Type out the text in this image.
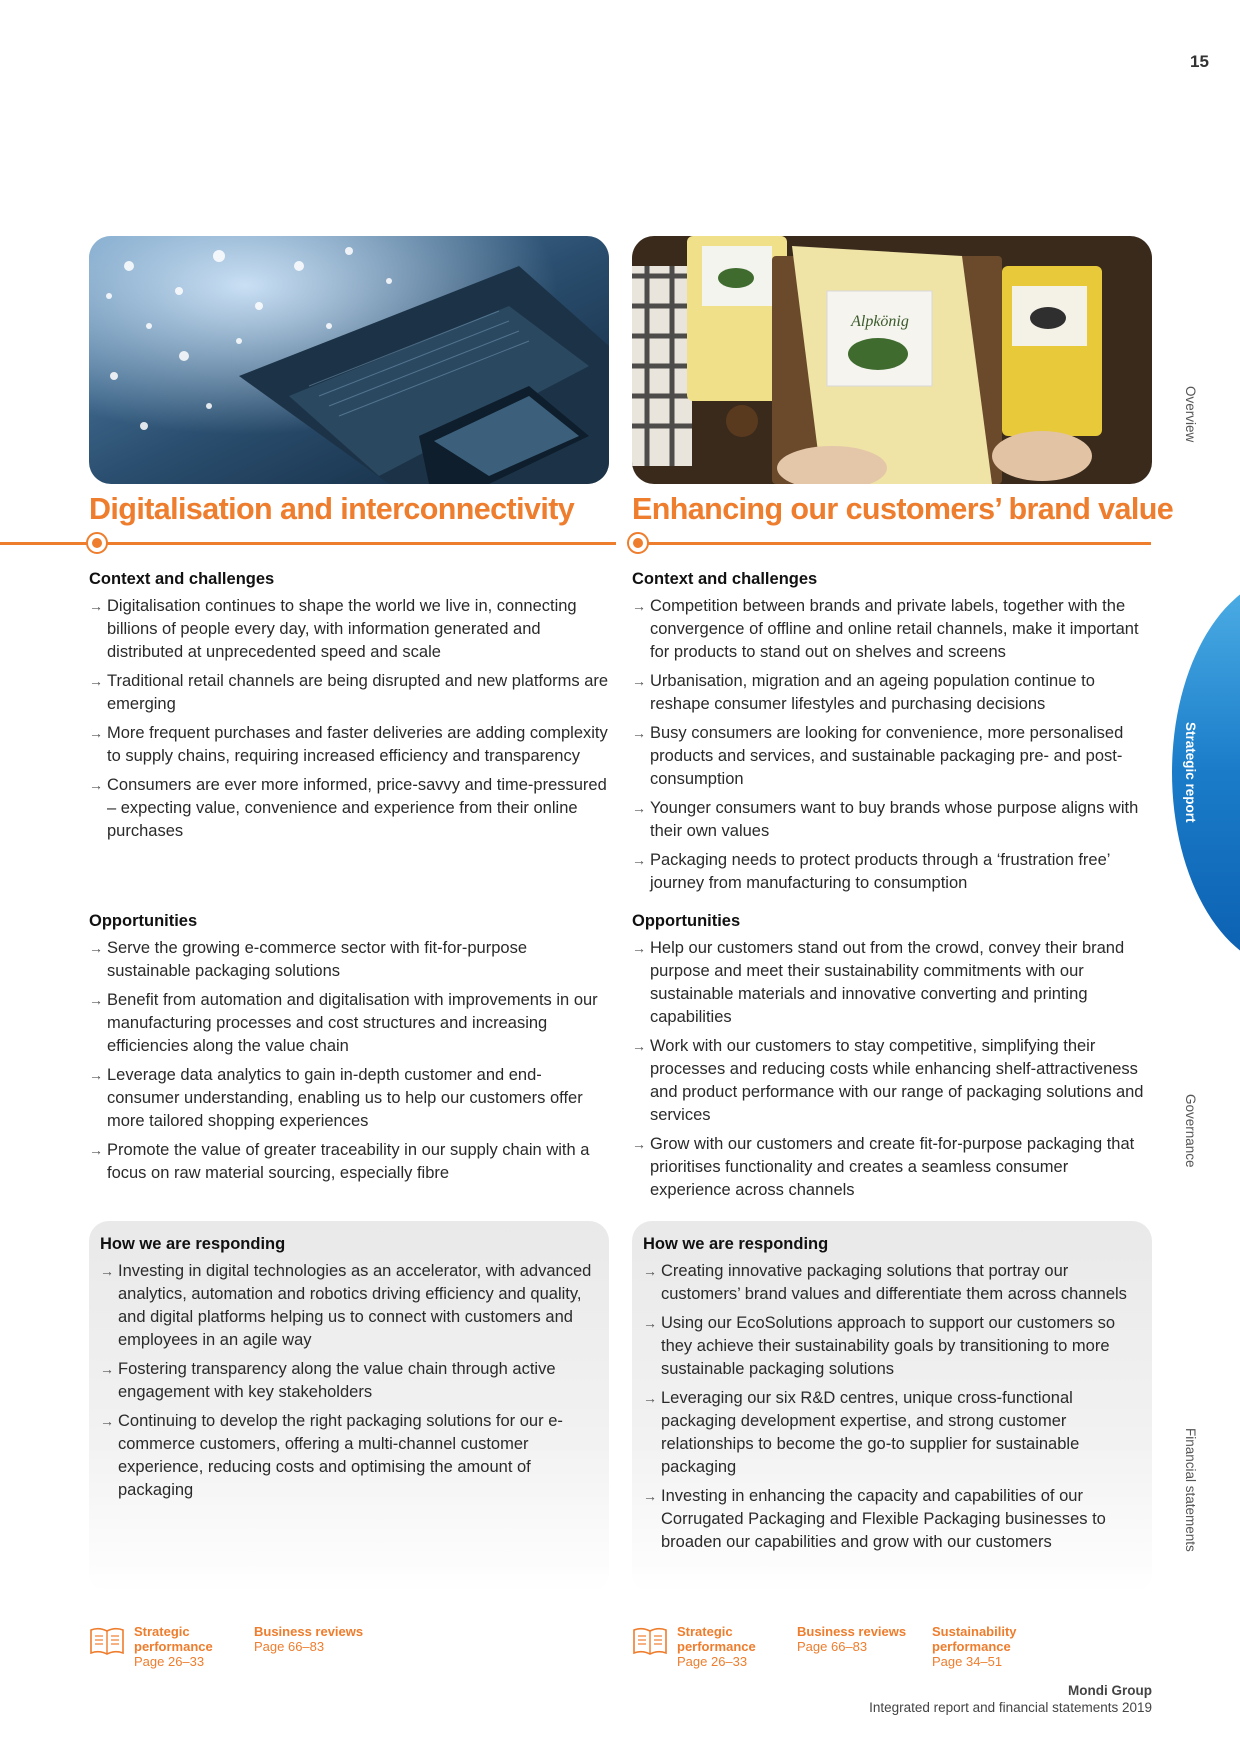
15
Overview
Strategic report
Governance
Financial statements
Digitalisation and interconnectivity
Context and challenges
→ Digitalisation continues to shape the world we live in, connecting billions of people every day, with information generated and distributed at unprecedented speed and scale
→ Traditional retail channels are being disrupted and new platforms are emerging
→ More frequent purchases and faster deliveries are adding complexity to supply chains, requiring increased efficiency and transparency
→ Consumers are ever more informed, price-savvy and time-pressured – expecting value, convenience and experience from their online purchases
Opportunities
→ Serve the growing e-commerce sector with fit-for-purpose sustainable packaging solutions
→ Benefit from automation and digitalisation with improvements in our manufacturing processes and cost structures and increasing efficiencies along the value chain
→ Leverage data analytics to gain in-depth customer and end-consumer understanding, enabling us to help our customers offer more tailored shopping experiences
→ Promote the value of greater traceability in our supply chain with a focus on raw material sourcing, especially fibre
How we are responding
→ Investing in digital technologies as an accelerator, with advanced analytics, automation and robotics driving efficiency and quality, and digital platforms helping us to connect with customers and employees in an agile way
→ Fostering transparency along the value chain through active engagement with key stakeholders
→ Continuing to develop the right packaging solutions for our e-commerce customers, offering a multi-channel customer experience, reducing costs and optimising the amount of packaging
Strategic performance
Page 26–33
Business reviews
Page 66–83
Alpkönig
Enhancing our customers’ brand value
Context and challenges
→ Competition between brands and private labels, together with the convergence of offline and online retail channels, make it important for products to stand out on shelves and screens
→ Urbanisation, migration and an ageing population continue to reshape consumer lifestyles and purchasing decisions
→ Busy consumers are looking for convenience, more personalised products and services, and sustainable packaging pre- and post-consumption
→ Younger consumers want to buy brands whose purpose aligns with their own values
→ Packaging needs to protect products through a ‘frustration free’ journey from manufacturing to consumption
Opportunities
→ Help our customers stand out from the crowd, convey their brand purpose and meet their sustainability commitments with our sustainable materials and innovative converting and printing capabilities
→ Work with our customers to stay competitive, simplifying their processes and reducing costs while enhancing shelf-attractiveness and product performance with our range of packaging solutions and services
→ Grow with our customers and create fit-for-purpose packaging that prioritises functionality and creates a seamless consumer experience across channels
How we are responding
→ Creating innovative packaging solutions that portray our customers’ brand values and differentiate them across channels
→ Using our EcoSolutions approach to support our customers so they achieve their sustainability goals by transitioning to more sustainable packaging solutions
→ Leveraging our six R&D centres, unique cross-functional packaging development expertise, and strong customer relationships to become the go-to supplier for sustainable packaging
→ Investing in enhancing the capacity and capabilities of our Corrugated Packaging and Flexible Packaging businesses to broaden our capabilities and grow with our customers
Strategic performance
Page 26–33
Business reviews
Page 66–83
Sustainability performance
Page 34–51
Mondi Group
Integrated report and financial statements 2019
